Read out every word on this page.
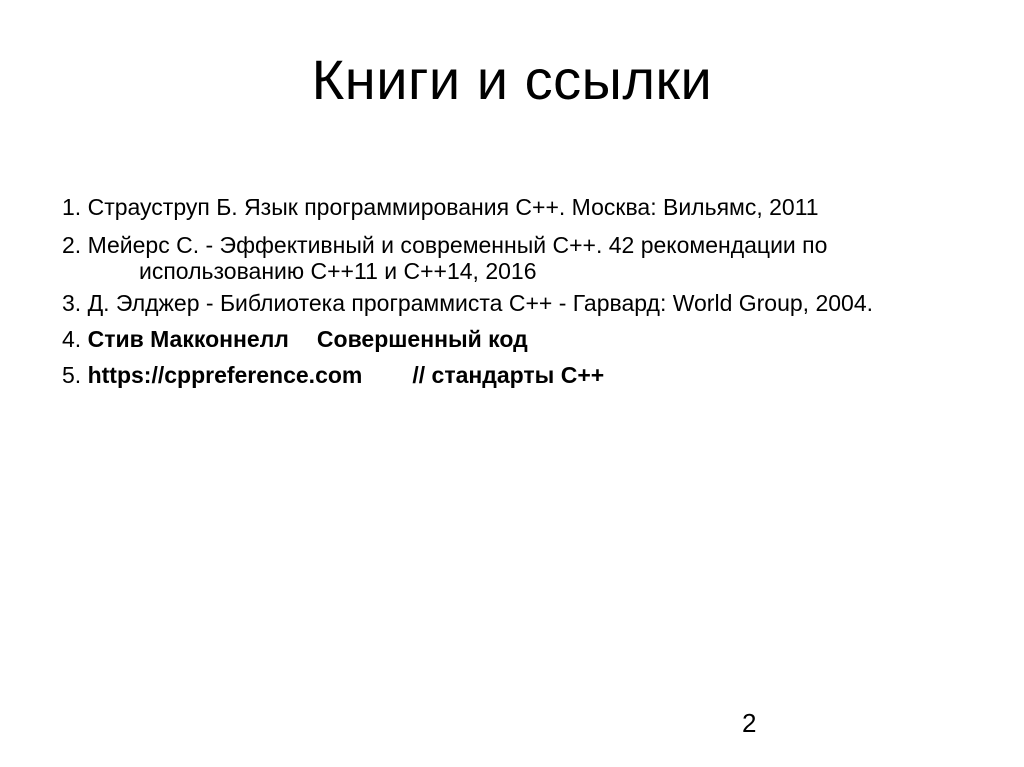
Книги и ссылки
1. Страуструп Б. Язык программирования С++. Москва: Вильямс, 2011
2. Мейерс С. - Эффективный и современный С++. 42 рекомендации по
использованию С++11 и С++14, 2016
3. Д. Элджер - Библиотека программиста С++ - Гарвард: World Group, 2004.
4. Стив Макконнелл Совершенный код
5. https://cppreference.com // стандарты С++
2
